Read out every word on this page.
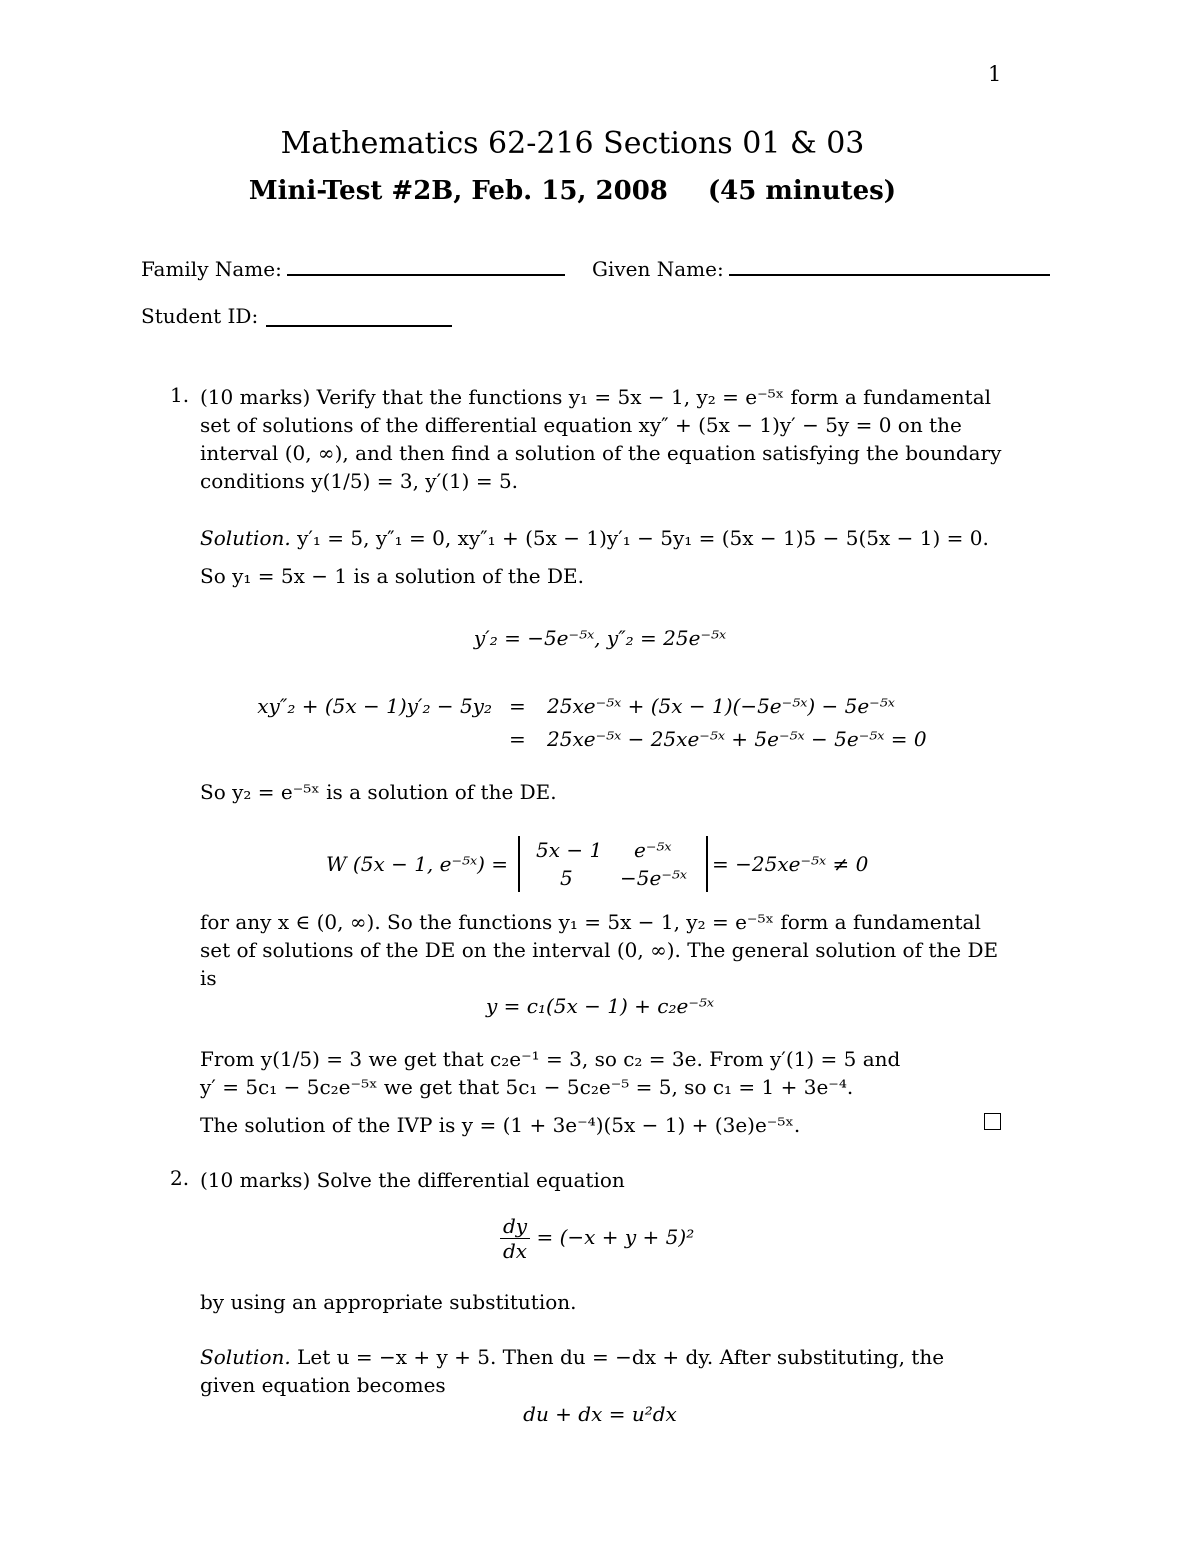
1
Mathematics 62-216 Sections 01 & 03
Mini-Test #2B, Feb. 15, 2008 (45 minutes)
Family Name:	Given Name:
Student ID:
1. (10 marks) Verify that the functions y₁ = 5x − 1, y₂ = e⁻⁵ˣ form a fundamental
set of solutions of the differential equation xy″ + (5x − 1)y′ − 5y = 0 on the
interval (0, ∞), and then find a solution of the equation satisfying the boundary
conditions y(1/5) = 3, y′(1) = 5.
Solution. y′₁ = 5, y″₁ = 0, xy″₁ + (5x − 1)y′₁ − 5y₁ = (5x − 1)5 − 5(5x − 1) = 0.
So y₁ = 5x − 1 is a solution of the DE.
y′₂ = −5e⁻⁵ˣ, y″₂ = 25e⁻⁵ˣ
xy″₂ + (5x − 1)y′₂ − 5y₂ = 25xe⁻⁵ˣ + (5x − 1)(−5e⁻⁵ˣ) − 5e⁻⁵ˣ
= 25xe⁻⁵ˣ − 25xe⁻⁵ˣ + 5e⁻⁵ˣ − 5e⁻⁵ˣ = 0
So y₂ = e⁻⁵ˣ is a solution of the DE.
W (5x − 1, e⁻⁵ˣ) =
5x − 1 e⁻⁵ˣ
5 −5e⁻⁵ˣ
= −25xe⁻⁵ˣ ≠ 0
for any x ∈ (0, ∞). So the functions y₁ = 5x − 1, y₂ = e⁻⁵ˣ form a fundamental
set of solutions of the DE on the interval (0, ∞). The general solution of the DE
is
y = c₁(5x − 1) + c₂e⁻⁵ˣ
From y(1/5) = 3 we get that c₂e⁻¹ = 3, so c₂ = 3e. From y′(1) = 5 and
y′ = 5c₁ − 5c₂e⁻⁵ˣ we get that 5c₁ − 5c₂e⁻⁵ = 5, so c₁ = 1 + 3e⁻⁴.
The solution of the IVP is y = (1 + 3e⁻⁴)(5x − 1) + (3e)e⁻⁵ˣ.
2. (10 marks) Solve the differential equation
$\frac{dy}{dx} = (-x + y + 5)^2$
by using an appropriate substitution.
Solution. Let u = −x + y + 5. Then du = −dx + dy. After substituting, the
given equation becomes
du + dx = u²dx
